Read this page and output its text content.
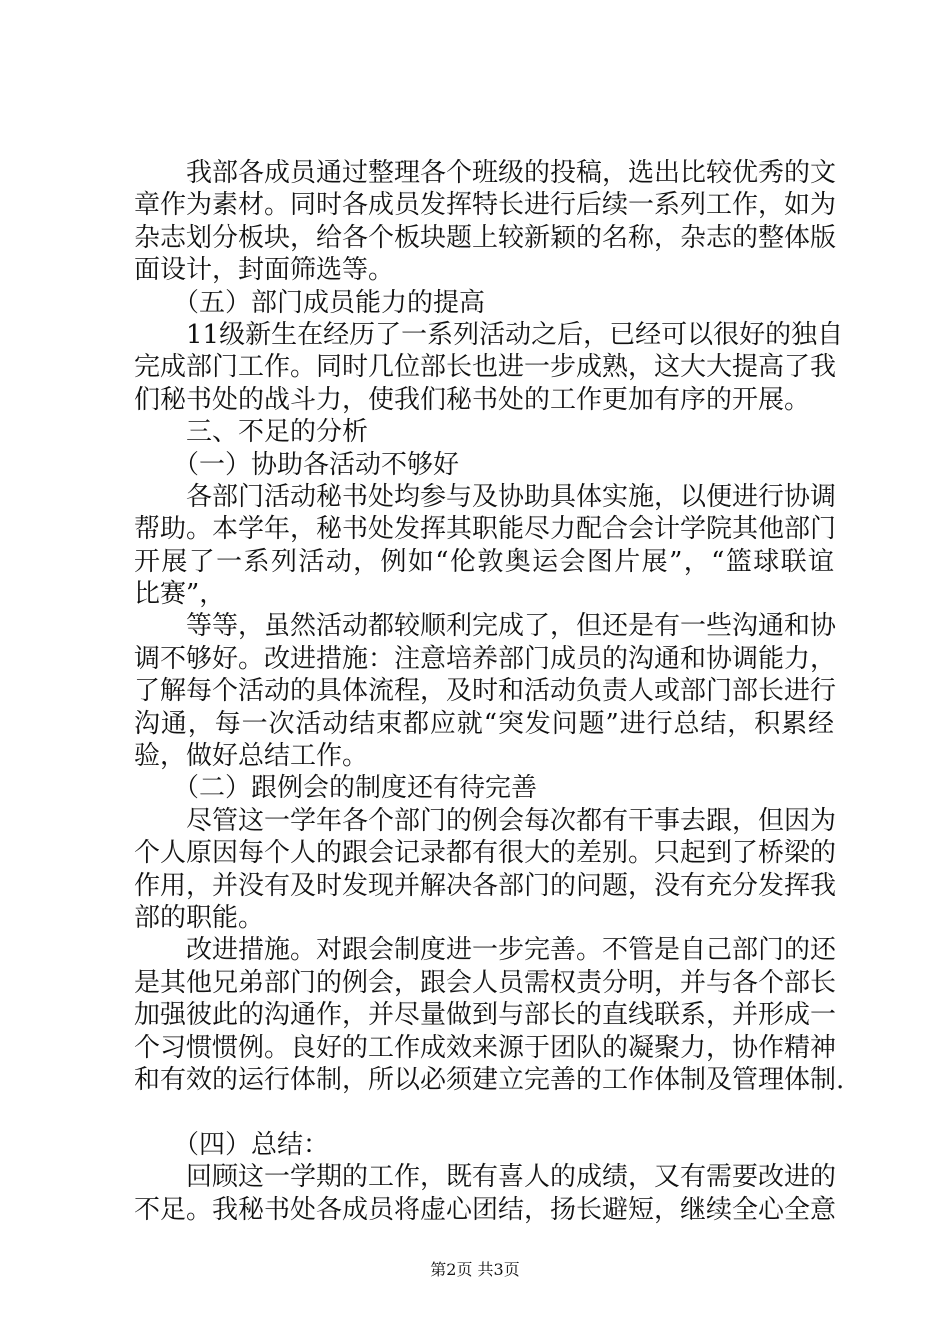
　　我部各成员通过整理各个班级的投稿，选出比较优秀的文
章作为素材。同时各成员发挥特长进行后续一系列工作，如为
杂志划分板块，给各个板块题上较新颖的名称，杂志的整体版
面设计，封面筛选等。
　　（五）部门成员能力的提高
　　11级新生在经历了一系列活动之后，已经可以很好的独自
完成部门工作。同时几位部长也进一步成熟，这大大提高了我
们秘书处的战斗力，使我们秘书处的工作更加有序的开展。
　　三、不足的分析
　　（一）协助各活动不够好
　　各部门活动秘书处均参与及协助具体实施，以便进行协调
帮助。本学年，秘书处发挥其职能尽力配合会计学院其他部门
开展了一系列活动，例如“伦敦奥运会图片展”，“篮球联谊
比赛”，
　　等等，虽然活动都较顺利完成了，但还是有一些沟通和协
调不够好。改进措施：注意培养部门成员的沟通和协调能力，
了解每个活动的具体流程，及时和活动负责人或部门部长进行
沟通，每一次活动结束都应就“突发问题”进行总结，积累经
验，做好总结工作。
　　（二）跟例会的制度还有待完善
　　尽管这一学年各个部门的例会每次都有干事去跟，但因为
个人原因每个人的跟会记录都有很大的差别。只起到了桥梁的
作用，并没有及时发现并解决各部门的问题，没有充分发挥我
部的职能。
　　改进措施。对跟会制度进一步完善。不管是自己部门的还
是其他兄弟部门的例会，跟会人员需权责分明，并与各个部长
加强彼此的沟通作，并尽量做到与部长的直线联系，并形成一
个习惯惯例。良好的工作成效来源于团队的凝聚力，协作精神
和有效的运行体制，所以必须建立完善的工作体制及管理体制.
　　（四）总结：
　　回顾这一学期的工作，既有喜人的成绩，又有需要改进的
不足。我秘书处各成员将虚心团结，扬长避短，继续全心全意
第2页 共3页
